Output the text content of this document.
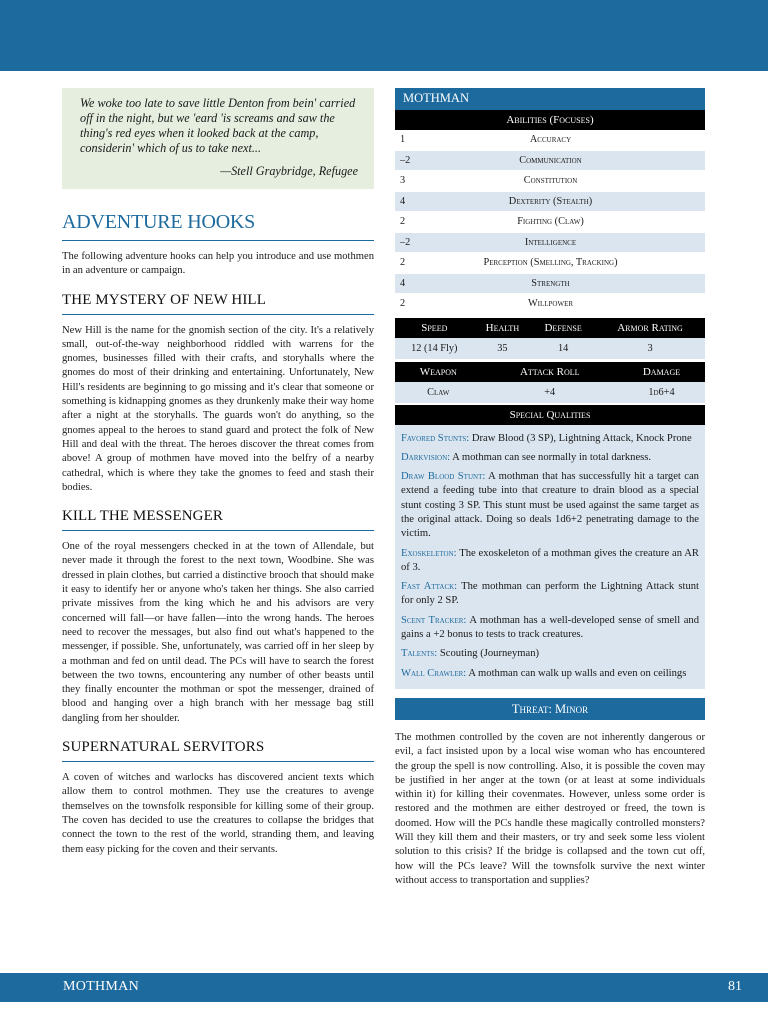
We woke too late to save little Denton from bein' carried off in the night, but we 'eard 'is screams and saw the thing's red eyes when it looked back at the camp, considerin' which of us to take next...
—Stell Graybridge, Refugee
ADVENTURE HOOKS

The following adventure hooks can help you introduce and use mothmen in an adventure or campaign.

THE MYSTERY OF NEW HILL

New Hill is the name for the gnomish section of the city. It's a relatively small, out-of-the-way neighborhood riddled with warrens for the gnomes, businesses filled with their crafts, and storyhalls where the gnomes do most of their drinking and entertaining. Unfortunately, New Hill's residents are beginning to go missing and it's clear that someone or something is kidnapping gnomes as they drunkenly make their way home after a night at the storyhalls. The guards won't do anything, so the gnomes appeal to the heroes to stand guard and protect the folk of New Hill and deal with the threat. The heroes discover the threat comes from above! A group of mothmen have moved into the belfry of a nearby cathedral, which is where they take the gnomes to feed and stash their bodies.

KILL THE MESSENGER

One of the royal messengers checked in at the town of Allendale, but never made it through the forest to the next town, Woodbine. She was dressed in plain clothes, but carried a distinctive brooch that should make it easy to identify her or anyone who's taken her things. She also carried private missives from the king which he and his advisors are very concerned will fall—or have fallen—into the wrong hands. The heroes need to recover the messages, but also find out what's happened to the messenger, if possible. She, unfortunately, was carried off in her sleep by a mothman and fed on until dead. The PCs will have to search the forest between the two towns, encountering any number of other beasts until they finally encounter the mothman or spot the messenger, drained of blood and hanging over a high branch with her message bag still dangling from her shoulder.

SUPERNATURAL SERVITORS

A coven of witches and warlocks has discovered ancient texts which allow them to control mothmen. They use the creatures to avenge themselves on the townsfolk responsible for killing some of their group. The coven has decided to use the creatures to collapse the bridges that connect the town to the rest of the world, stranding them, and leaving them easy picking for the coven and their servants.

MOTHMAN
Abilities (Focuses)	
1	Accuracy
–2	Communication
3	Constitution
4	Dexterity (Stealth)
2	Fighting (Claw)
–2	Intelligence
2	Perception (Smelling, Tracking)
4	Strength
2	Willpower
Speed	Health	Defense	Armor Rating
12 (14 Fly)	35	14	3
Weapon	Attack Roll	Damage
Claw	+4	1d6+4
Special Qualities

Favored Stunts: Draw Blood (3 SP), Lightning Attack, Knock Prone

Darkvision: A mothman can see normally in total darkness.

Draw Blood Stunt: A mothman that has successfully hit a target can extend a feeding tube into that creature to drain blood as a special stunt costing 3 SP. This stunt must be used against the same target as the original attack. Doing so deals 1d6+2 penetrating damage to the victim.

Exoskeleton: The exoskeleton of a mothman gives the creature an AR of 3.

Fast Attack: The mothman can perform the Lightning Attack stunt for only 2 SP.

Scent Tracker: A mothman has a well-developed sense of smell and gains a +2 bonus to tests to track creatures.

Talents: Scouting (Journeyman)

Wall Crawler: A mothman can walk up walls and even on ceilings

Threat: Minor

The mothmen controlled by the coven are not inherently dangerous or evil, a fact insisted upon by a local wise woman who has encountered the group the spell is now controlling. Also, it is possible the coven may be justified in her anger at the town (or at least at some individuals within it) for killing their covenmates. However, unless some order is restored and the mothmen are either destroyed or freed, the town is doomed. How will the PCs handle these magically controlled monsters? Will they kill them and their masters, or try and seek some less violent solution to this crisis? If the bridge is collapsed and the town cut off, how will the PCs leave? Will the townsfolk survive the next winter without access to transportation and supplies?

MOTHMAN	81
